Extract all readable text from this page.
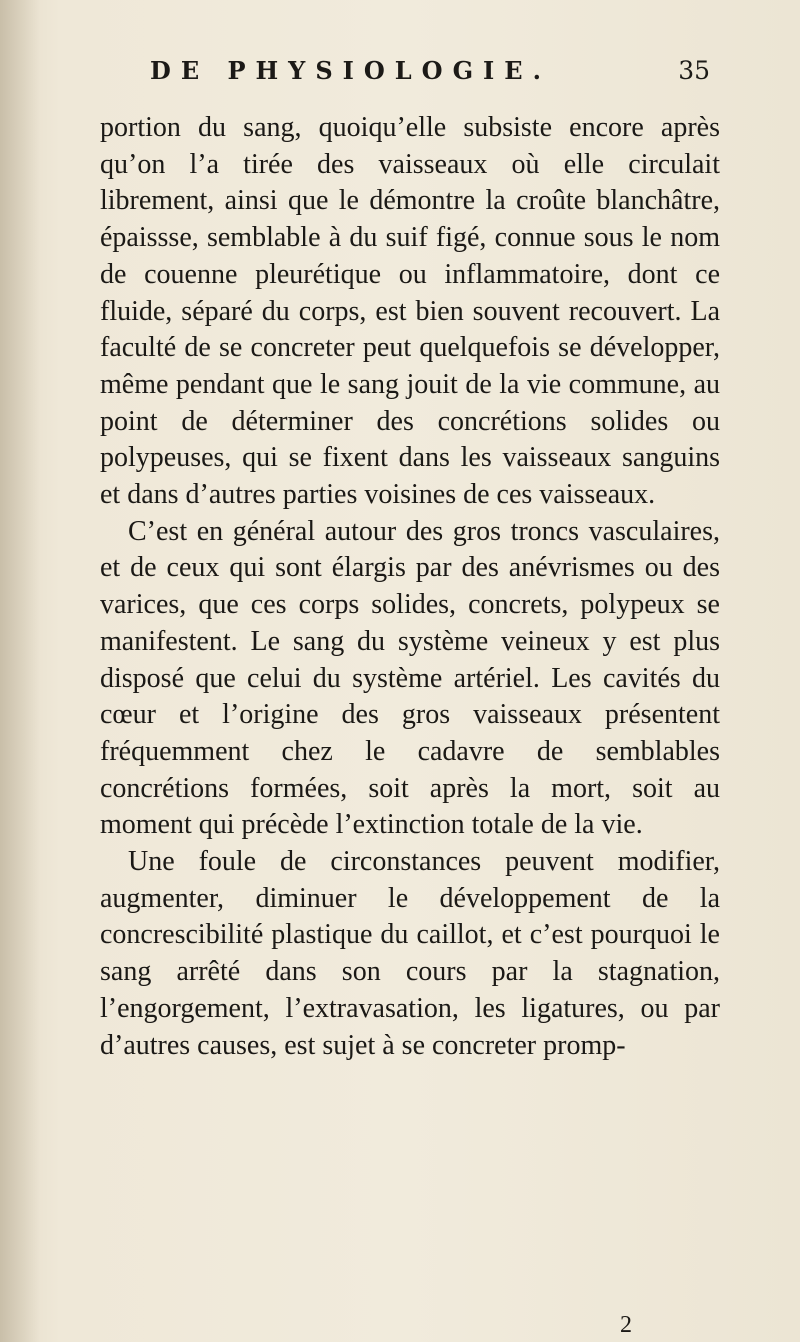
DE PHYSIOLOGIE.	35

portion du sang, quoiqu’elle subsiste encore après qu’on l’a tirée des vaisseaux où elle circulait librement, ainsi que le démontre la croûte blanchâtre, épaissse, semblable à du suif figé, connue sous le nom de couenne pleurétique ou inflammatoire, dont ce fluide, séparé du corps, est bien souvent recouvert. La faculté de se concreter peut quelquefois se développer, même pendant que le sang jouit de la vie commune, au point de déterminer des concrétions solides ou polypeuses, qui se fixent dans les vaisseaux sanguins et dans d’autres parties voisines de ces vaisseaux.

C’est en général autour des gros troncs vasculaires, et de ceux qui sont élargis par des anévrismes ou des varices, que ces corps solides, concrets, polypeux se manifestent. Le sang du système veineux y est plus disposé que celui du système artériel. Les cavités du cœur et l’origine des gros vaisseaux présentent fréquemment chez le cadavre de semblables concrétions formées, soit après la mort, soit au moment qui précède l’extinction totale de la vie.

Une foule de circonstances peuvent modifier, augmenter, diminuer le développement de la concrescibilité plastique du caillot, et c’est pourquoi le sang arrêté dans son cours par la stagnation, l’engorgement, l’extravasation, les ligatures, ou par d’autres causes, est sujet à se concreter promp-

2
